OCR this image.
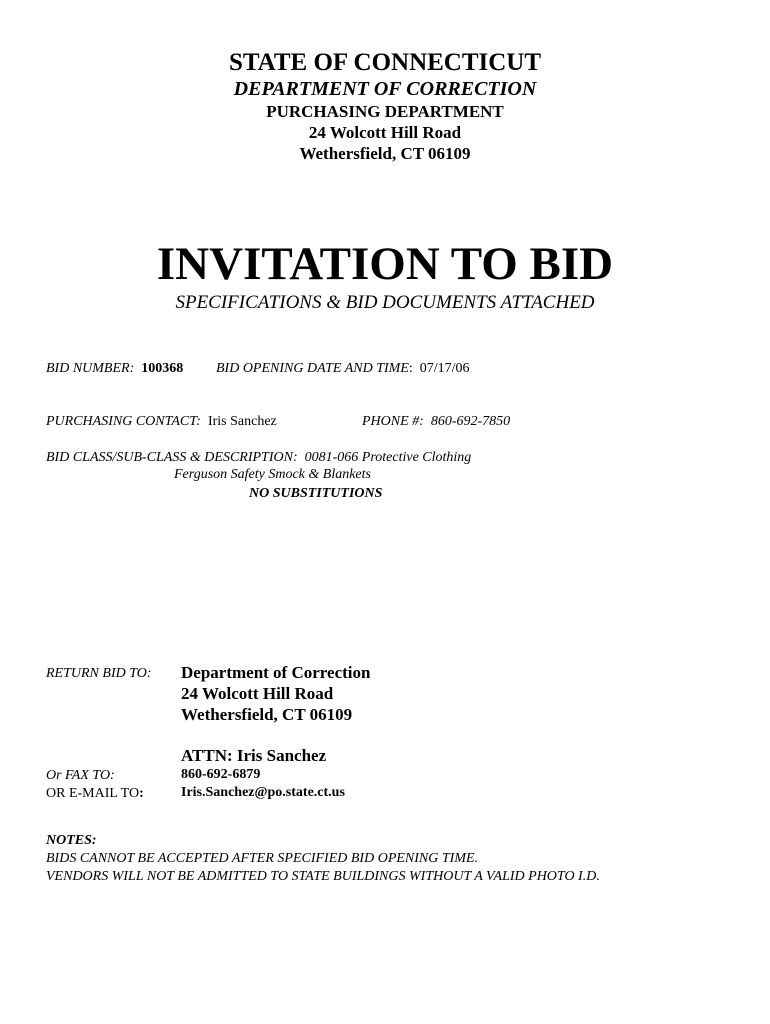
STATE OF CONNECTICUT
DEPARTMENT OF CORRECTION
PURCHASING DEPARTMENT
24 Wolcott Hill Road
Wethersfield, CT 06109
INVITATION TO BID
SPECIFICATIONS & BID DOCUMENTS ATTACHED
BID NUMBER: 100368 BID OPENING DATE AND TIME: 07/17/06
PURCHASING CONTACT: Iris Sanchez	PHONE #: 860-692-7850
BID CLASS/SUB-CLASS & DESCRIPTION: 0081-066 Protective Clothing
Ferguson Safety Smock & Blankets
NO SUBSTITUTIONS
RETURN BID TO: Department of Correction
24 Wolcott Hill Road
Wethersfield, CT 06109
ATTN: Iris Sanchez
Or FAX TO:	860-692-6879
OR E-MAIL TO:	Iris.Sanchez@po.state.ct.us
NOTES:
BIDS CANNOT BE ACCEPTED AFTER SPECIFIED BID OPENING TIME.
VENDORS WILL NOT BE ADMITTED TO STATE BUILDINGS WITHOUT A VALID PHOTO I.D.
